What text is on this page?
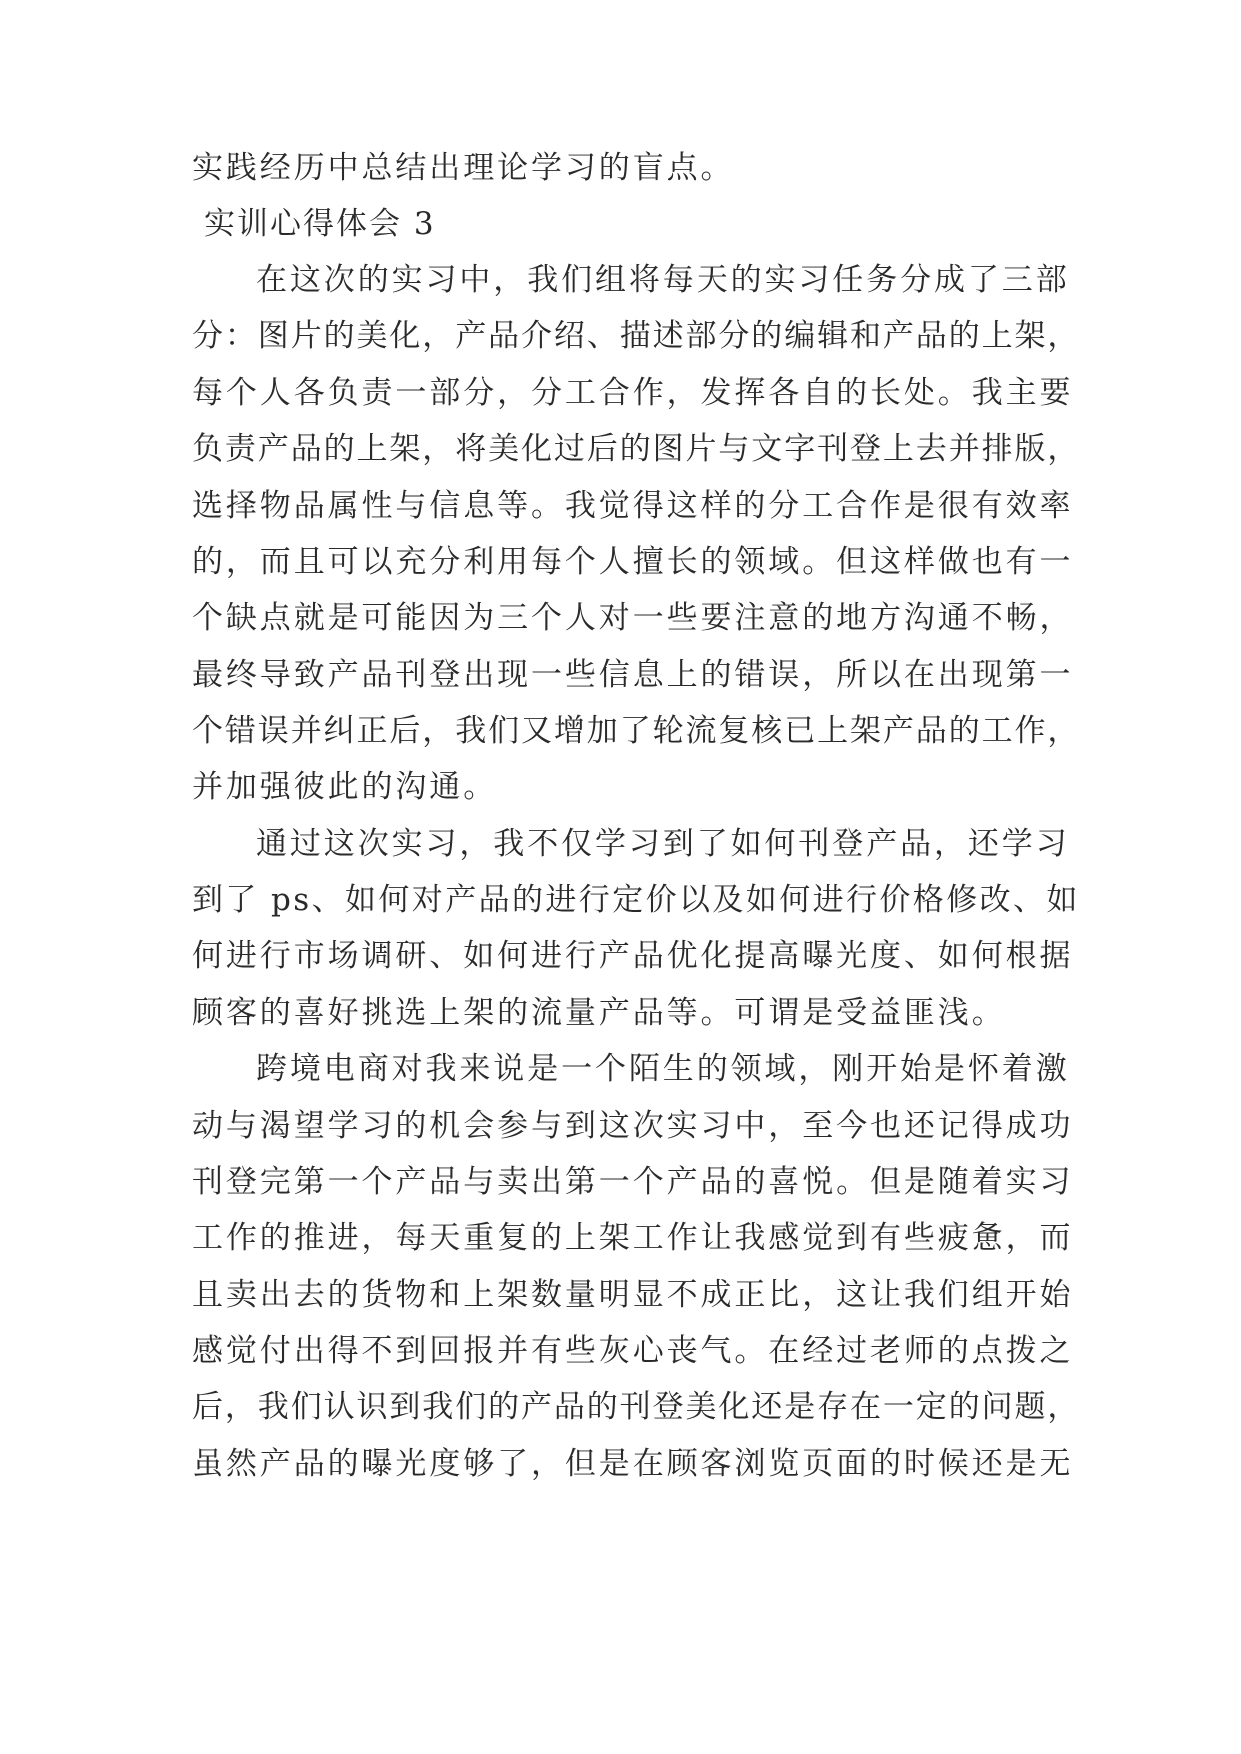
实践经历中总结出理论学习的盲点。
实训心得体会 3
在这次的实习中，我们组将每天的实习任务分成了三部
分：图片的美化，产品介绍、描述部分的编辑和产品的上架，
每个人各负责一部分，分工合作，发挥各自的长处。我主要
负责产品的上架，将美化过后的图片与文字刊登上去并排版，
选择物品属性与信息等。我觉得这样的分工合作是很有效率
的，而且可以充分利用每个人擅长的领域。但这样做也有一
个缺点就是可能因为三个人对一些要注意的地方沟通不畅，
最终导致产品刊登出现一些信息上的错误，所以在出现第一
个错误并纠正后，我们又增加了轮流复核已上架产品的工作，
并加强彼此的沟通。
通过这次实习，我不仅学习到了如何刊登产品，还学习
到了 ps、如何对产品的进行定价以及如何进行价格修改、如
何进行市场调研、如何进行产品优化提高曝光度、如何根据
顾客的喜好挑选上架的流量产品等。可谓是受益匪浅。
跨境电商对我来说是一个陌生的领域，刚开始是怀着激
动与渴望学习的机会参与到这次实习中，至今也还记得成功
刊登完第一个产品与卖出第一个产品的喜悦。但是随着实习
工作的推进，每天重复的上架工作让我感觉到有些疲惫，而
且卖出去的货物和上架数量明显不成正比，这让我们组开始
感觉付出得不到回报并有些灰心丧气。在经过老师的点拨之
后，我们认识到我们的产品的刊登美化还是存在一定的问题，
虽然产品的曝光度够了，但是在顾客浏览页面的时候还是无
